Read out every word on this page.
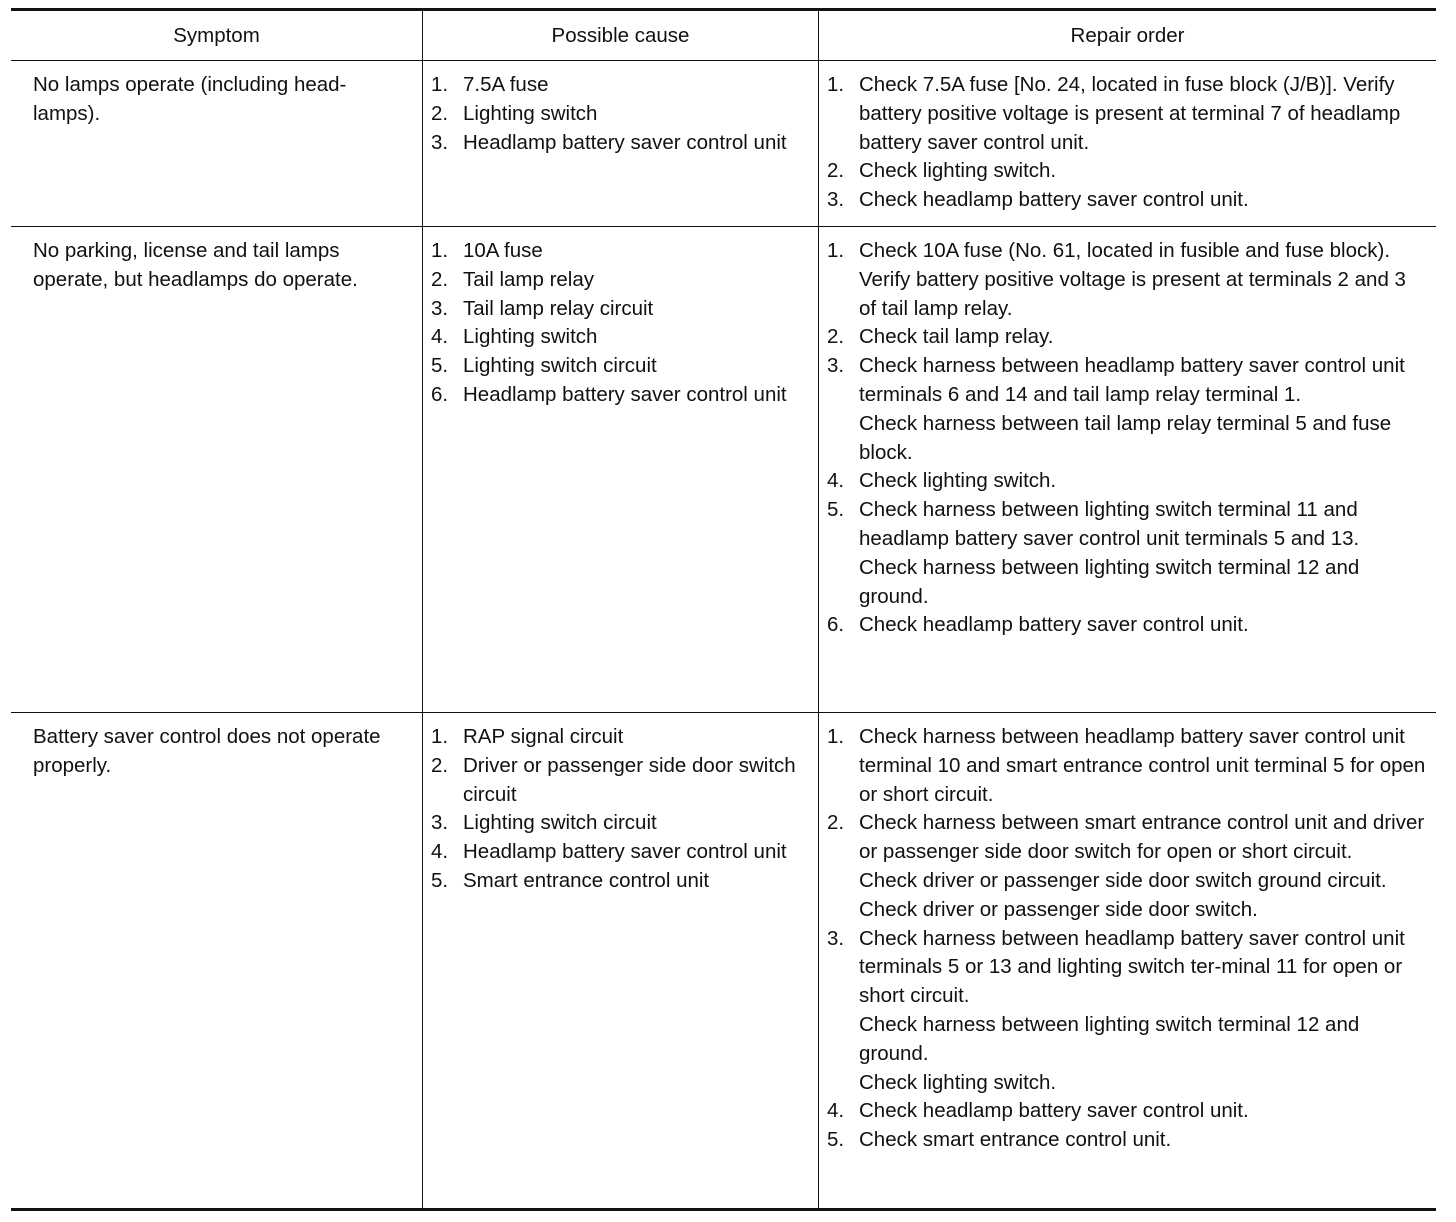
Symptom	Possible cause	Repair order
No lamps operate (including head-lamps).
1. 7.5A fuse
2. Lighting switch
3. Headlamp battery saver control unit
1. Check 7.5A fuse [No. 24, located in fuse block (J/B)]. Verify battery positive voltage is present at terminal 7 of headlamp battery saver control unit.
2. Check lighting switch.
3. Check headlamp battery saver control unit.
No parking, license and tail lamps operate, but headlamps do operate.
1. 10A fuse
2. Tail lamp relay
3. Tail lamp relay circuit
4. Lighting switch
5. Lighting switch circuit
6. Headlamp battery saver control unit
1. Check 10A fuse (No. 61, located in fusible and fuse block). Verify battery positive voltage is present at terminals 2 and 3 of tail lamp relay.
2. Check tail lamp relay.
3. Check harness between headlamp battery saver control unit terminals 6 and 14 and tail lamp relay terminal 1.
Check harness between tail lamp relay terminal 5 and fuse block.
4. Check lighting switch.
5. Check harness between lighting switch terminal 11 and headlamp battery saver control unit terminals 5 and 13.
Check harness between lighting switch terminal 12 and ground.
6. Check headlamp battery saver control unit.
Battery saver control does not operate properly.
1. RAP signal circuit
2. Driver or passenger side door switch circuit
3. Lighting switch circuit
4. Headlamp battery saver control unit
5. Smart entrance control unit
1. Check harness between headlamp battery saver control unit terminal 10 and smart entrance control unit terminal 5 for open or short circuit.
2. Check harness between smart entrance control unit and driver or passenger side door switch for open or short circuit.
Check driver or passenger side door switch ground circuit.
Check driver or passenger side door switch.
3. Check harness between headlamp battery saver control unit terminals 5 or 13 and lighting switch ter-minal 11 for open or short circuit.
Check harness between lighting switch terminal 12 and ground.
Check lighting switch.
4. Check headlamp battery saver control unit.
5. Check smart entrance control unit.
